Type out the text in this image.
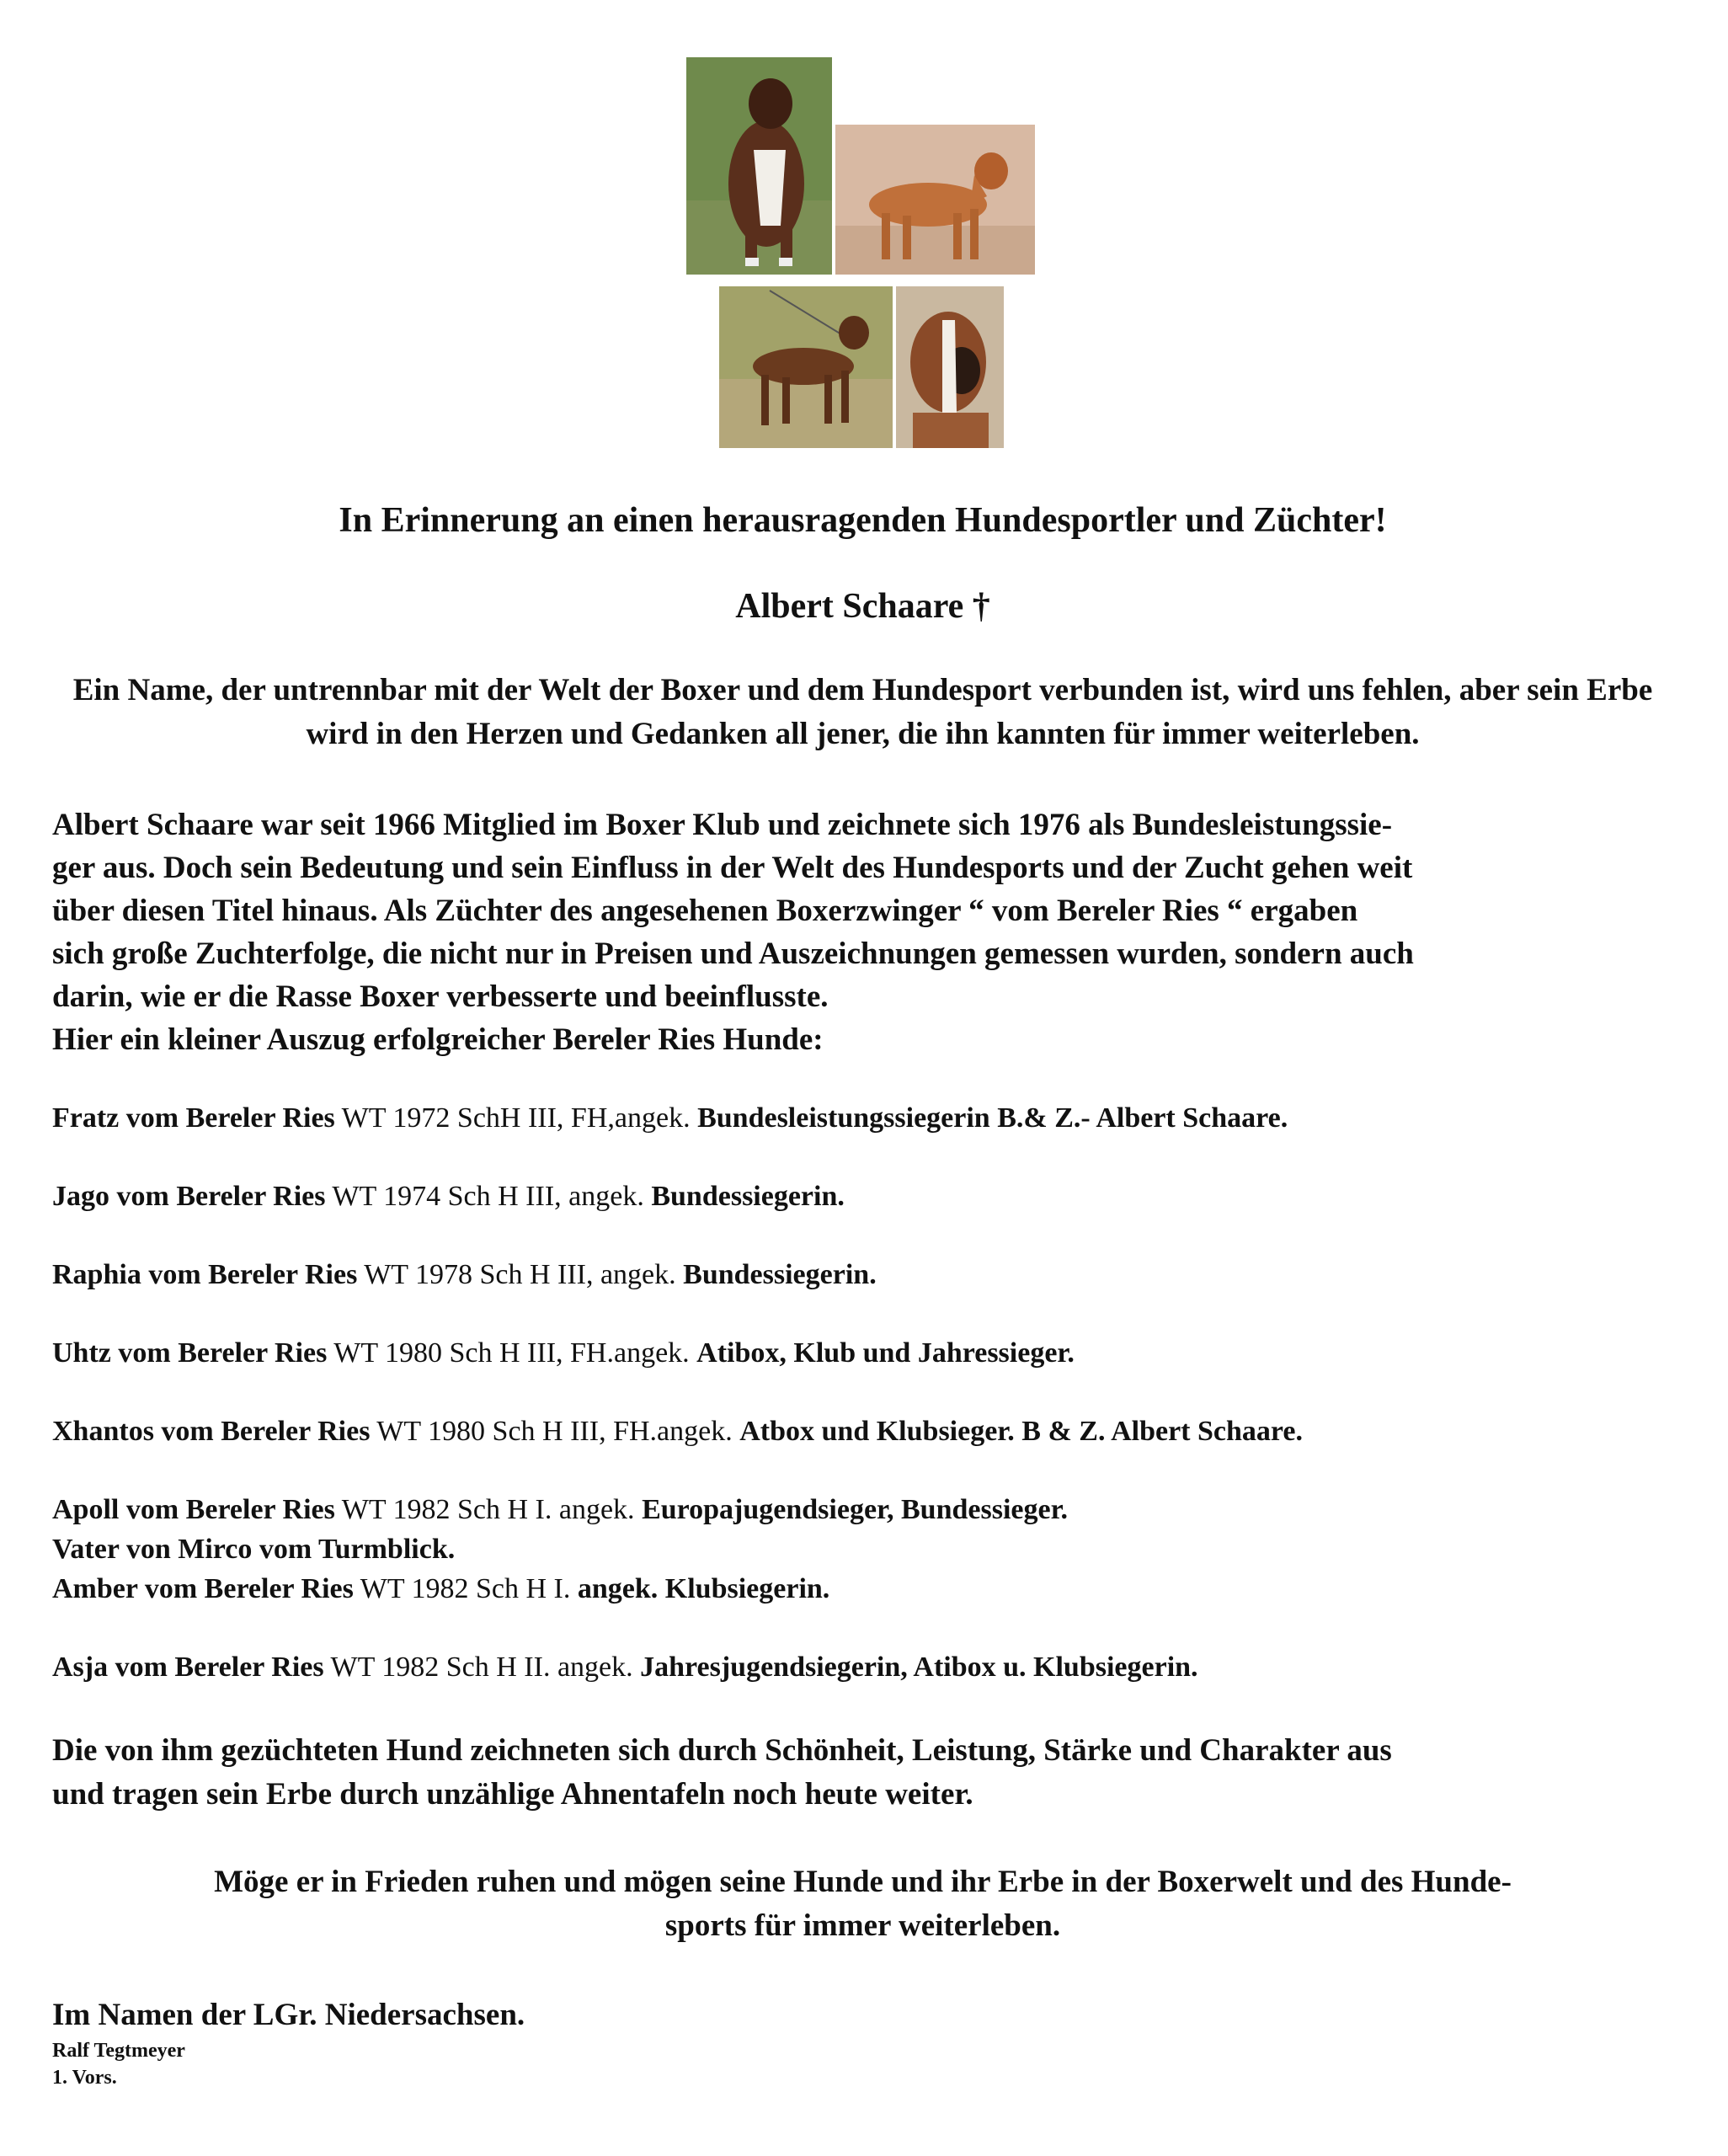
In Erinnerung an einen herausragenden Hundesportler und Züchter!

Albert Schaare †

Ein Name, der untrennbar mit der Welt der Boxer und dem Hundesport verbunden ist, wird uns fehlen, aber sein Erbe wird in den Herzen und Gedanken all jener, die ihn kannten für immer weiterleben.

Albert Schaare war seit 1966 Mitglied im Boxer Klub und zeichnete sich 1976 als Bundesleistungssie-
ger aus. Doch sein Bedeutung und sein Einfluss in der Welt des Hundesports und der Zucht gehen weit
über diesen Titel hinaus. Als Züchter des angesehenen Boxerzwinger “ vom Bereler Ries “ ergaben
sich große Zuchterfolge, die nicht nur in Preisen und Auszeichnungen gemessen wurden, sondern auch
darin, wie er die Rasse Boxer verbesserte und beeinflusste.
Hier ein kleiner Auszug erfolgreicher Bereler Ries Hunde:

Fratz vom Bereler Ries WT 1972 SchH III, FH,angek. Bundesleistungssiegerin B.& Z.- Albert Schaare.

Jago vom Bereler Ries WT 1974 Sch H III, angek. Bundessiegerin.

Raphia vom Bereler Ries WT 1978 Sch H III, angek. Bundessiegerin.

Uhtz vom Bereler Ries WT 1980 Sch H III, FH.angek. Atibox, Klub und Jahressieger.

Xhantos vom Bereler Ries WT 1980 Sch H III, FH.angek. Atbox und Klubsieger. B & Z. Albert Schaare.

Apoll vom Bereler Ries WT 1982 Sch H I. angek. Europajugendsieger, Bundessieger.

Vater von Mirco vom Turmblick.

Amber vom Bereler Ries WT 1982 Sch H I. angek. Klubsiegerin.

Asja vom Bereler Ries WT 1982 Sch H II. angek. Jahresjugendsiegerin, Atibox u. Klubsiegerin.

Die von ihm gezüchteten Hund zeichneten sich durch Schönheit, Leistung, Stärke und Charakter aus
und tragen sein Erbe durch unzählige Ahnentafeln noch heute weiter.
Möge er in Frieden ruhen und mögen seine Hunde und ihr Erbe in der Boxerwelt und des Hunde-
sports für immer weiterleben.

Im Namen der LGr. Niedersachsen.

Ralf Tegtmeyer

1. Vors.
